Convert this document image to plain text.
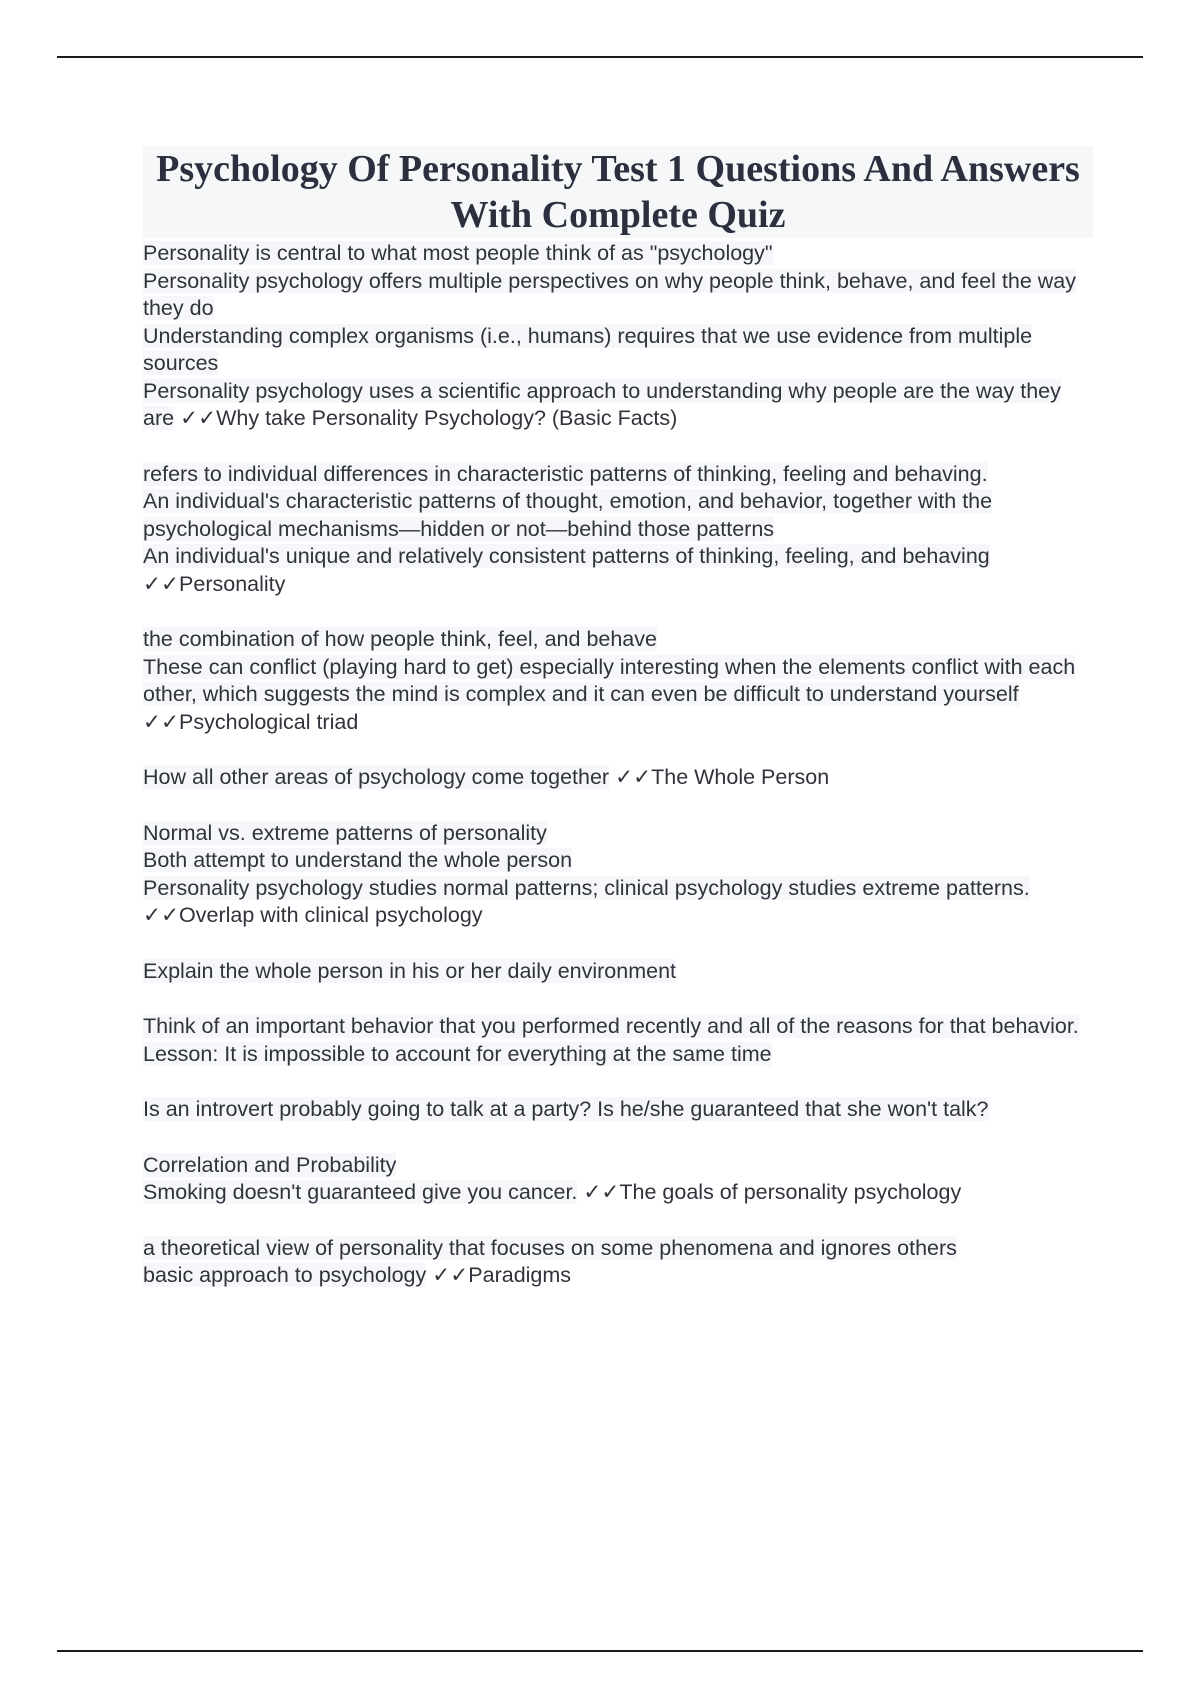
Psychology Of Personality Test 1 Questions And Answers With Complete Quiz
Personality is central to what most people think of as "psychology"
Personality psychology offers multiple perspectives on why people think, behave, and feel the way they do
Understanding complex organisms (i.e., humans) requires that we use evidence from multiple sources
Personality psychology uses a scientific approach to understanding why people are the way they are ✓✓Why take Personality Psychology? (Basic Facts)
refers to individual differences in characteristic patterns of thinking, feeling and behaving.
An individual's characteristic patterns of thought, emotion, and behavior, together with the psychological mechanisms—hidden or not—behind those patterns
An individual's unique and relatively consistent patterns of thinking, feeling, and behaving ✓✓Personality
the combination of how people think, feel, and behave
These can conflict (playing hard to get) especially interesting when the elements conflict with each other, which suggests the mind is complex and it can even be difficult to understand yourself ✓✓Psychological triad
How all other areas of psychology come together ✓✓The Whole Person
Normal vs. extreme patterns of personality
Both attempt to understand the whole person
Personality psychology studies normal patterns; clinical psychology studies extreme patterns. ✓✓Overlap with clinical psychology
Explain the whole person in his or her daily environment
Think of an important behavior that you performed recently and all of the reasons for that behavior.
Lesson: It is impossible to account for everything at the same time
Is an introvert probably going to talk at a party? Is he/she guaranteed that she won't talk?
Correlation and Probability
Smoking doesn't guaranteed give you cancer. ✓✓The goals of personality psychology
a theoretical view of personality that focuses on some phenomena and ignores others
basic approach to psychology ✓✓Paradigms
